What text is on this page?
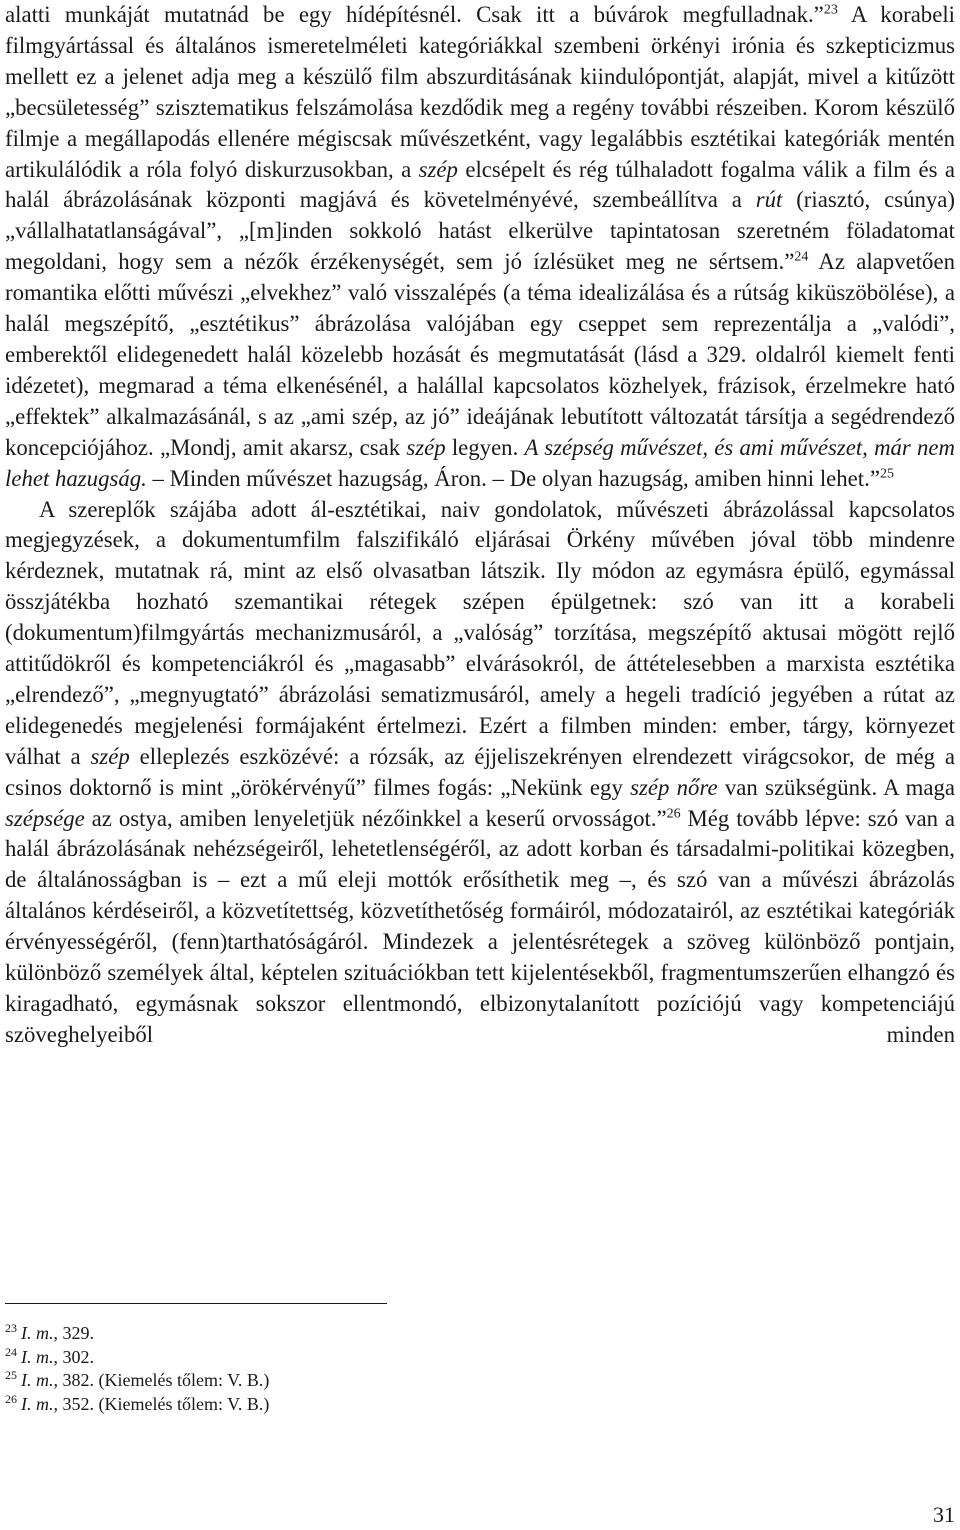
alatti munkáját mutatnád be egy hídépítésnél. Csak itt a búvárok megfulladnak.”$^{23}$ A korabeli filmgyártással és általános ismeretelméleti kategóriákkal szembeni örkényi irónia és szkepticizmus mellett ez a jelenet adja meg a készülő film abszurditásának kiindulópontját, alapját, mivel a kitűzött „becsületesség” szisztematikus felszámolása kezdődik meg a regény további részeiben. Korom készülő filmje a megállapodás ellenére mégiscsak művészetként, vagy legalábbis esztétikai kategóriák mentén artikulálódik a róla folyó diskurzusokban, a szép elcsépelt és rég túlhaladott fogalma válik a film és a halál ábrázolásának központi magjává és követelményévé, szembeállítva a rút (riasztó, csúnya) „vállalhatatlanságával”, „[m]inden sokkoló hatást elkerülve tapintatosan szeretném föladatomat megoldani, hogy sem a nézők érzékenységét, sem jó ízlésüket meg ne sértsem.”$^{24}$ Az alapvetően romantika előtti művészi „elvekhez” való visszalépés (a téma idealizálása és a rútság kiküszöbölése), a halál megszépítő, „esztétikus” ábrázolása valójában egy cseppet sem reprezentálja a „valódi”, emberektől elidegenedett halál közelebb hozását és megmutatását (lásd a 329. oldalról kiemelt fenti idézetet), megmarad a téma elkenésénél, a halállal kapcsolatos közhelyek, frázisok, érzelmekre ható „effektek” alkalmazásánál, s az „ami szép, az jó” ideájának lebutított változatát társítja a segédrendező koncepciójához. „Mondj, amit akarsz, csak szép legyen. A szépség művészet, és ami művészet, már nem lehet hazugság. – Minden művészet hazugság, Áron. – De olyan hazugság, amiben hinni lehet.”$^{25}$

A szereplők szájába adott ál-esztétikai, naiv gondolatok, művészeti ábrázolással kapcsolatos megjegyzések, a dokumentumfilm falszifikáló eljárásai Örkény művében jóval több mindenre kérdeznek, mutatnak rá, mint az első olvasatban látszik. Ily módon az egymásra épülő, egymással összjátékba hozható szemantikai rétegek szépen épülgetnek: szó van itt a korabeli (dokumentum)filmgyártás mechanizmusáról, a „valóság” torzítása, megszépítő aktusai mögött rejlő attitűdökről és kompetenciákról és „magasabb” elvárásokról, de áttételesebben a marxista esztétika „elrendező”, „megnyugtató” ábrázolási sematizmusáról, amely a hegeli tradíció jegyében a rútat az elidegenedés megjelenési formájaként értelmezi. Ezért a filmben minden: ember, tárgy, környezet válhat a szép elleplezés eszközévé: a rózsák, az éjjeliszekrényen elrendezett virágcsokor, de még a csinos doktornő is mint „örökérvényű” filmes fogás: „Nekünk egy szép nőre van szükségünk. A maga szépsége az ostya, amiben lenyeletjük nézőinkkel a keserű orvosságot.”$^{26}$ Még tovább lépve: szó van a halál ábrázolásának nehézségeiről, lehetetlenségéről, az adott korban és társadalmi-politikai közegben, de általánosságban is – ezt a mű eleji mottók erősíthetik meg –, és szó van a művészi ábrázolás általános kérdéseiről, a közvetítettség, közvetíthetőség formáiról, módozatairól, az esztétikai kategóriák érvényességéről, (fenn)tarthatóságáról. Mindezek a jelentésrétegek a szöveg különböző pontjain, különböző személyek által, képtelen szituációkban tett kijelentésekből, fragmentumszerűen elhangzó és kiragadható, egymásnak sokszor ellentmondó, elbizonytalanított pozíciójú vagy kompetenciájú szöveghelyeiből minden

$^{23}$ I. m., 329.

$^{24}$ I. m., 302.

$^{25}$ I. m., 382. (Kiemelés tőlem: V. B.)

$^{26}$ I. m., 352. (Kiemelés tőlem: V. B.)

31
